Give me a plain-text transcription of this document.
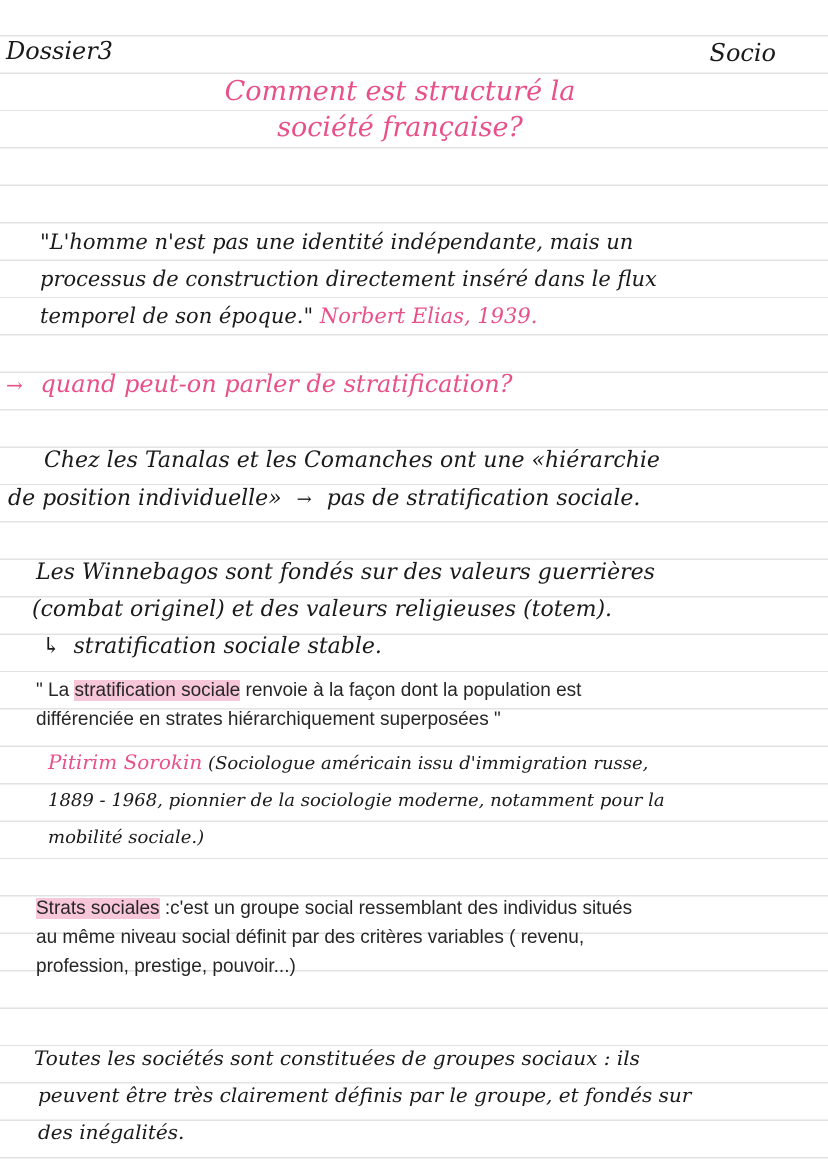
Dossier3	Socio
Comment est structuré la
société française?
"L'homme n'est pas une identité indépendante, mais un
processus de construction directement inséré dans le flux
temporel de son époque." Norbert Elias, 1939.
→ quand peut-on parler de stratification?
Chez les Tanalas et les Comanches ont une «hiérarchie
de position individuelle» → pas de stratification sociale.
Les Winnebagos sont fondés sur des valeurs guerrières
(combat originel) et des valeurs religieuses (totem).
↳ stratification sociale stable.
" La stratification sociale renvoie à la façon dont la population est
différenciée en strates hiérarchiquement superposées "
Pitirim Sorokin (Sociologue américain issu d'immigration russe,
1889 - 1968, pionnier de la sociologie moderne, notamment pour la
mobilité sociale.)
Strats sociales :c'est un groupe social ressemblant des individus situés
au même niveau social définit par des critères variables ( revenu,
profession, prestige, pouvoir...)
Toutes les sociétés sont constituées de groupes sociaux : ils
peuvent être très clairement définis par le groupe, et fondés sur
des inégalités.
